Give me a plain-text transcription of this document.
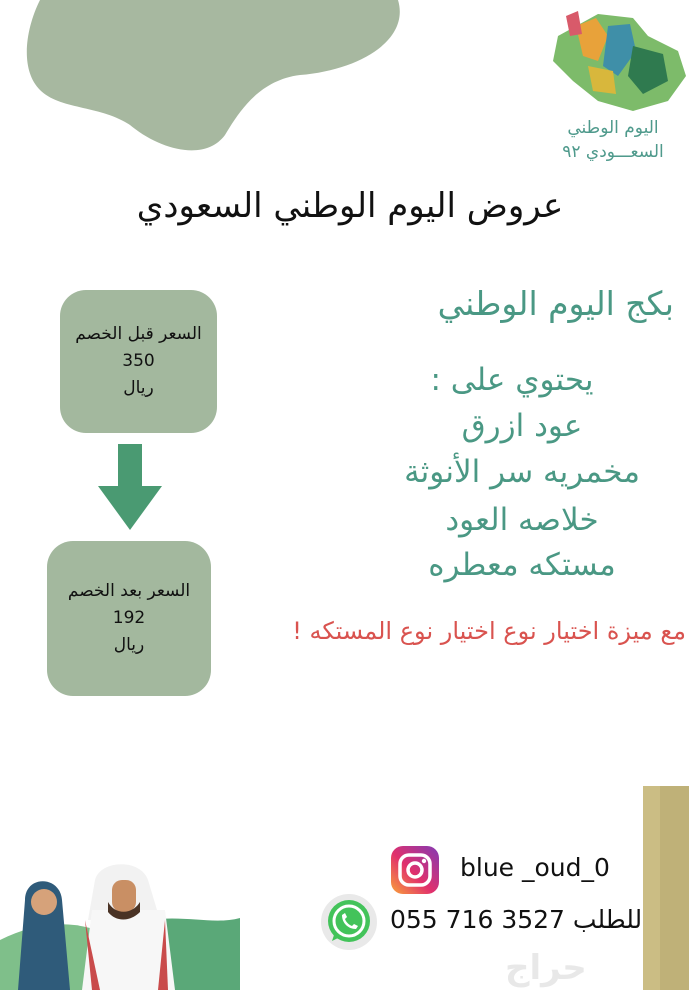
اليوم الوطني
السعـــودي ٩٢
عروض اليوم الوطني السعودي
السعر قبل الخصم
350
ريال
السعر بعد الخصم
192
ريال
بكج اليوم الوطني
يحتوي على :
عود ازرق
مخمريه سر الأنوثة
خلاصه العود
مستكه معطره
مع ميزة اختيار نوع اختيار نوع المستكه !
blue _oud_0
للطلب 3527 716 055
حراج
